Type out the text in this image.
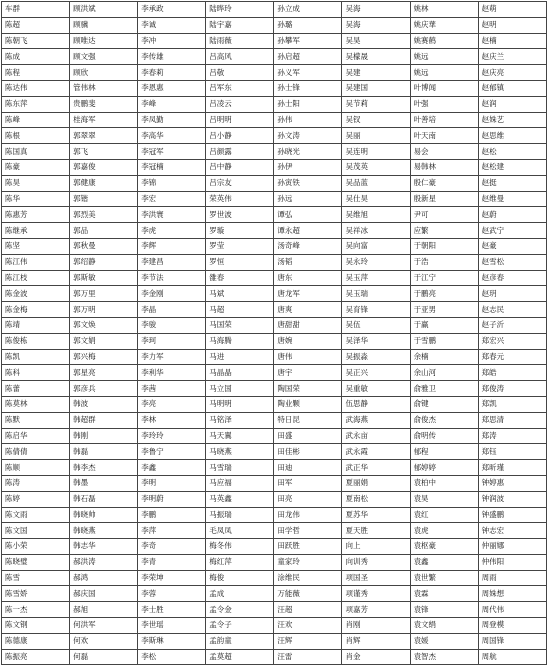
车群	顾洪斌	李承政	陆晔玲	孙立成	吴海	姚林	赵萌
陈超	顾骥	李诚	陆宇嘉	孙璐	吴海	姚庆華	赵明
陈朝飞	顾唯达	李冲	陆雨薇	孙攀军	吴昊	姚赛鹤	赵楠
陈成	顾文强	李传雄	吕高风	孙启超	吴檬晟	姚远	赵庆兰
陈程	顾欣	李春莉	吕敬	孙义军	吴建	姚远	赵庆亮
陈达伟	管伟林	李恩惠	吕军东	孙士锋	吴建国	叶博闻	赵郁镇
陈东萍	贵鹏斐	李峰	吕凌云	孙士阳	吴节莉	叶强	赵润
陈峰	桂海军	李凤勤	吕明明	孙伟	吴钗	叶善培	赵姝艺
陈根	郭翠翠	李高华	吕小静	孙文涛	吴丽	叶天南	赵思维
陈国真	郭飞	李冠军	吕颜露	孙晓光	吴连明	易会	赵松
陈豪	郭嘉俊	李冠楠	吕中静	孙伊	吴茂英	易韩林	赵松建
陈昊	郭健康	李锦	吕宗友	孙寅铁	吴品蓝	殷仁豪	赵挺
陈华	郭锴	李宏	荣英伟	孙远	吴仕昊	殷新星	赵维曼
陈惠芳	郭烈美	李洪寰	罗世波	谭弘	吴维旭	尹可	赵蔚
陈继承	郭品	李虎	罗璇	谭永超	吴祥冰	应繁	赵武宁
陈坚	郭秋曼	李辉	罗莹	汤奇峰	吴向富	于朝阳	赵豪
陈江伟	郭绍静	李建昌	罗恒	汤韬	吴永玲	于浩	赵雪松
陈江枝	郭斯敏	李节法	雒春	唐东	吴玉萍	于江宁	赵彦春
陈金波	郭万里	李金刚	马斌	唐龙军	吴玉瑞	于鹏亮	赵玥
陈金梅	郭万明	李晶	马超	唐爽	吴育锋	于亚男	赵志民
陈靖	郭文焕	李骏	马国荣	唐甜甜	吴伍	于赢	赵子沂
陈俊栋	郭文娟	李珂	马海腾	唐婉	吴泽华	于雪鹏	郑宏兴
陈凯	郭兴梅	李力军	马进	唐伟	吴振淼	余楠	郑春元
陈科	郭星亮	李利华	马晶晶	唐宇	吴正兴	余山河	郑皓
陈蕾	郭彦兵	李茜	马立国	陶国荣	吴重敏	俞雅卫	郑俊涛
陈莫林	韩波	李亮	马明明	陶业颗	伍思静	俞键	郑凯
陈默	韩超群	李林	马铭泽	特日昆	武海燕	俞俊杰	郑思清
陈启华	韩刚	李玲玲	马天翼	田盛	武永亩	俞明传	郑涛
陈倩倩	韩磊	李鲁宁	马晓燕	田佳彬	武永霞	郁程	郑钰
陈顺	韩李杰	李鑫	马雪瑞	田迪	武正华	郁婷婷	郑昕瑾
陈涛	韩墨	李明	马应福	田军	夏丽娟	袁柏中	钟婷惠
陈婷	韩石磊	李明蔚	马英鑫	田亮	夏南松	袁昊	钟润波
陈文雨	韩晓帅	李鹏	马振瑞	田龙伟	夏苏华	袁红	钟盛鹏
陈文国	韩晓燕	李萍	毛凤凤	田学哲	夏天胜	袁虎	钟志宏
陈小荣	韩志华	李奇	梅冬伟	田跃胜	向上	袁枢豪	仲丽娜
陈晓璧	郝洪涛	李青	梅红萍	童家玲	向训秀	袁鑫	仲伟阳
陈雪	郝鸿	李荣坤	梅俊	涂维民	项国圣	袁世繁	周雨
陈雪娇	郝庆国	李蓉	孟成	万能薇	项谨秀	袁霖	周姝想
陈一杰	郝旭	李士胜	孟令金	汪超	项嘉芳	袁锋	周代伟
陈文钢	何洪军	李世瑶	孟令子	汪欢	肖刚	袁文绢	周登模
陈德康	何欢	李斯琳	孟韵童	汪辉	肖辉	袁媛	周国锋
陈振亮	何磊	李松	孟莫超	汪雷	肖金	袁智杰	周航
